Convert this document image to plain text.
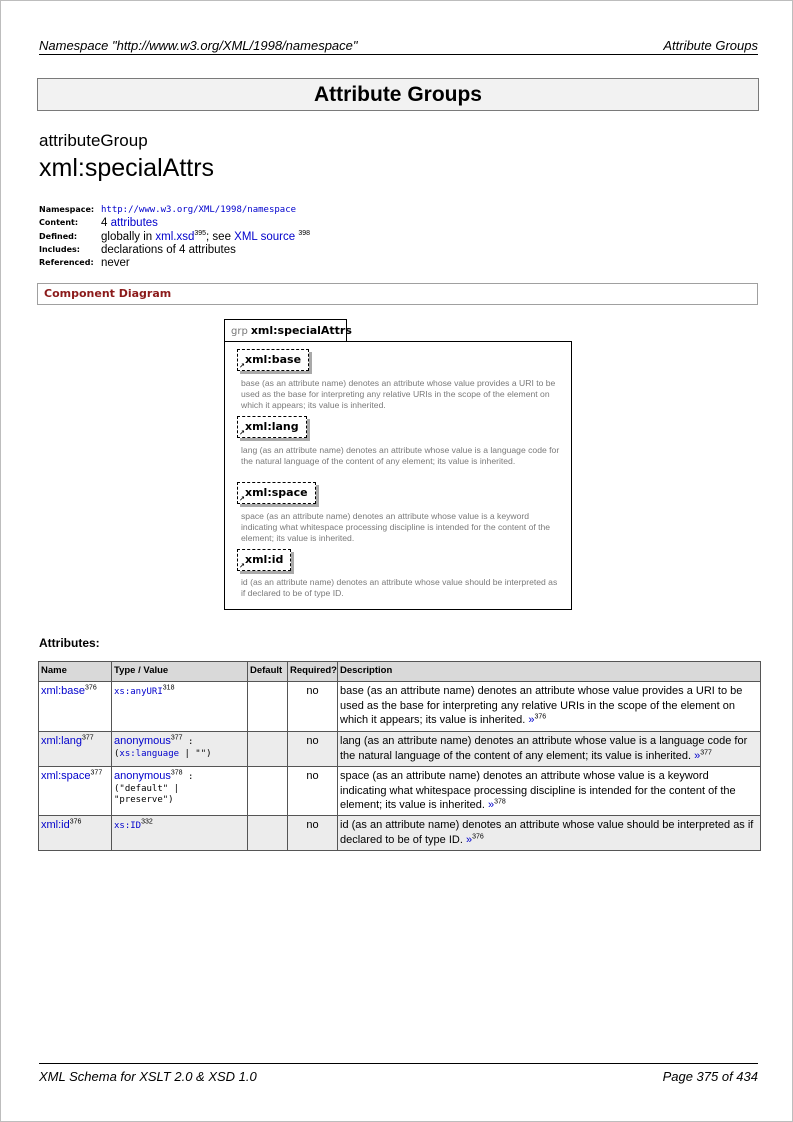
Namespace "http://www.w3.org/XML/1998/namespace"	Attribute Groups
Attribute Groups
attributeGroup
xml:specialAttrs
Namespace: http://www.w3.org/XML/1998/namespace
Content: 4 attributes
Defined: globally in xml.xsd$^{395}$; see XML source $^{398}$
Includes: declarations of 4 attributes
Referenced: never
Component Diagram
grp xml:specialAttrs
xml:base
↗
base (as an attribute name) denotes an attribute whose value provides a URI to be used as the base for interpreting any relative URIs in the scope of the element on which it appears; its value is inherited.
xml:lang
↗
lang (as an attribute name) denotes an attribute whose value is a language code for the natural language of the content of any element; its value is inherited.
xml:space
↗
space (as an attribute name) denotes an attribute whose value is a keyword indicating what whitespace processing discipline is intended for the content of the element; its value is inherited.
xml:id
↗
id (as an attribute name) denotes an attribute whose value should be interpreted as if declared to be of type ID.
Attributes:
Name	Type / Value	Default	Required?	Description
xml:base$^{376}$	xs:anyURI$^{318}$		no	base (as an attribute name) denotes an attribute whose value provides a URI to be used as the base for interpreting any relative URIs in the scope of the element on which it appears; its value is inherited. »$^{376}$
xml:lang$^{377}$	anonymous$^{377}$ :
(xs:language | "")		no	lang (as an attribute name) denotes an attribute whose value is a language code for the natural language of the content of any element; its value is inherited. »$^{377}$
xml:space$^{377}$	anonymous$^{378}$ :
("default" |
"preserve")		no	space (as an attribute name) denotes an attribute whose value is a keyword indicating what whitespace processing discipline is intended for the content of the element; its value is inherited. »$^{378}$
$xml:id^{376}$	xs:ID$^{332}$		no	id (as an attribute name) denotes an attribute whose value should be interpreted as if declared to be of type ID. »$^{376}$
XML Schema for XSLT 2.0 & XSD 1.0	Page 375 of 434
